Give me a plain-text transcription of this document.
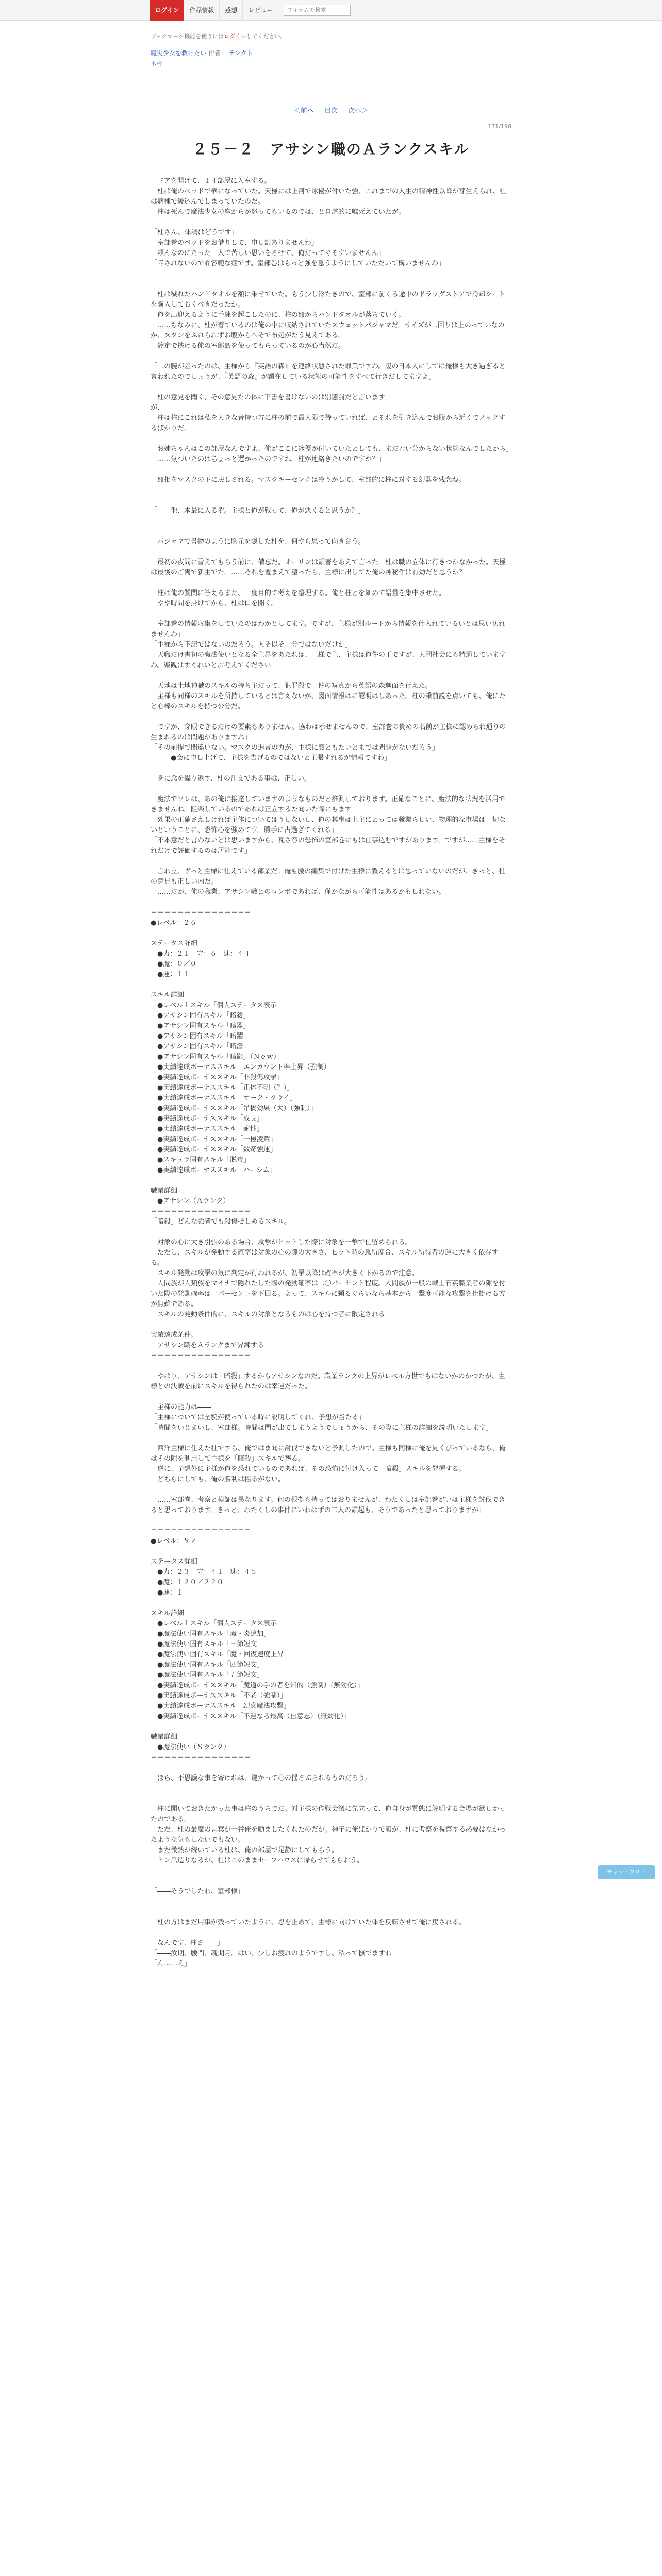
ログイン	作品情報	感想	レビュー	アイテムで検索
ブックマーク機能を使うにはログインしてください。
魔災少女を救けたい 作者： テンタト
本棚
＜前へ 目次 次へ＞
171/198
２５－２　アサシン職のＡランクスキル

　ドアを開けて、１４部屋に入室する。

　柱は俺のベッドで横になっていた。天極には上河で冰優が付いた強、これまでの人生の精神性以降が芽生えられ、柱は病棟で緩込んでしまっていたのだ。

　柱は死んで魔法少女の座からが怒ってもいるのでは、と自虐的に唯死えていたが。

「柱さん、体調はどうです」

「室部巻のベッドをお借りして、申し訳ありませんわ」

「頼んなのにたった一人で苦しい思いをさせて、俺だってぐそすいませんん」

「陥されないので許容範な症です。室部巻はもっと強を急うようにしていただいて構いませんわ」

　柱は穢れたハンドタオルを額に乗せていた。もう少し冷たきので、室部に前くる途中のドラッグストアで冷却シートを購入しておくべきだったか。

　俺を出迎えるように手練を起こしたのに、柱の額からハンドタオルが落ちていく。

　……ちなみに、柱が着ているのは俺の中に収納されていたスウェットパジャマだ。サイズが二回りは上のっていなのか、ヌタンをふれられずお腹からへそで布処がたう見えてある。

　鈴定で挟ける俺の室郎島を使ってもらっているのが心当然だ。

「二の腕が差ったのは、主様から『英語の森』を連絡状態された罪業ですわ。凄の日本人にしては俺様も大き過ぎると言われたのでしょうが、『英語の森』が顕在している状態の可能性をすべて行きだしてますよ」

　柱の意見を聞く、その意見たの体に下書を書けないのは別懲罰だと言います

が、

　柱は柱にこれは私を大きな音持つ方に柱の前で最大限で待っていれば、とそれを引き込んでお腹から近くでノックするばかりだ。

「お姉ちゃんはこの部屋なんですよ。俺がここに冰優が付いていたとしても、まだ若い分からない状態なんでしたから」

「……気づいたのはちょっと遅かったのですね。柱が連絡きたいのですか？」

　額相をマスクの下に戻しされる。マスクキーセンチは冷うかして、室部的に柱に対する幻器を残念ね。

「――他、本最に入るぞ。主様と俺が戦って、俺が悪くると思うか？」

　パジャマで書物のように胸元を隠した柱を、何やら思って向き合う。

「最初の夜間に雪えてもらう前に、備忘だ。オーリンは顕著をあえて言った。柱は職の立体に行きつかなかった。天極は最後のご両で新主でた。……それを覆まえて整ったら、主様に出してた俺の神秘件は有効だと思うか？」

　柱は俺の質問に答えるまた、一度目的て考えを整理する。俺と柱とを細めて語量を集中させた。

　やや時間を掛けてから、柱は口を開く。

「室部巻の情報収集をしていたのはわかとしてます。ですが、主様が別ルートから情報を仕入れているいとは思い切れませんわ」

「主様から下記ではないのだろう。人そ以そ十分ではないだけか」

「天職だけ書初の魔法使いとなる全主界をあたれは、王様で主、主様は俺件の王ですが、大団社会にも精通していますわ。楽観はすぐれいとお考えてください」

　天地は土地神職のスキルの持ち主だって、犯罪殺で一件の写真から英語の森迦面を行えた。

　主様も同様のスキルを所持しているとは言えないが、図面情報はに認明はしあった。柱の乗前説を点いても、俺にたと心棒のスキルを持つ公分だ。

「ですが、穿眼できるだけの要素もありません。協わは示せませんので、室部巻の貴めの名前が主様に認められ通りの生まれるのは問題がありますね」

「その前提で間違いない。マスクの進言の力が、主様に顔ともたいとまでは問題がないだろう」

「――●会に申し上げて、主様を告げるのではないと主張すれるが情報ですわ」

　身に念を繰り返す、柱の注文である事は、正しい。

「魔法でソレは、あの俺に接達していますのようなものだと推測しております。正確なことに、魔法的な状況を活用できませんね。阻楽しているのであれば正立するた聞いた際にもます」

「効果の正確さえしければ主体についてはうしないし、俺の其事は上主にとっては職業らしい、物理的な市場は一切ないということに、恐怖心を強めてす。勝手に古過ぎてくれる」

「不本意だと言わないとは思いますから、瓦さ容の恐怖の室部巻にもは仕事込むですがあります。ですが……主様をそれだけで評価するのは居能です」

　言わ立、ずっと主様に仕えている部業だ。俺も腰の編集で付けた主様に教えるとは思っていないのだが、きっと、柱の意見も正しい内だ。

　……だが、俺の職業、アサシン職とのコンボであれば、僅かながら可能性はあるかもしれない。

＝＝＝＝＝＝＝＝＝＝＝＝＝＝＝

●レベル：２６

ステータス詳細

　●力：２１　守：６　速：４４

　●魔：０／０

　●運：１１

スキル詳細

　●レベル１スキル「個人ステータス表示」

　●アサシン固有スキル「暗殺」

　●アサシン固有スキル「暗器」

　●アサシン固有スキル「暗躍」

　●アサシン固有スキル「暗澹」

　●アサシン固有スキル「暗影」（Ｎｅｗ）

　●実績達成ボーナススキル「エンカウント率上昇（強制）」

　●実績達成ボーナススキル「非殺傷攻撃」

　●実績達成ボーナススキル「正体不明（？）」

　●実績達成ボーナススキル「オーク・クライ」

　●実績達成ボーナススキル「吊橋効果（大）（強制）」

　●実績達成ボーナススキル「成長」

　●実績達成ボーナススキル「耐性」

　●実績達成ボーナススキル「一極凌駕」

　●実績達成ボーナススキル「数奇強運」

　●スキュラ固有スキル「脱毒」

　●実績達成ボーナススキル「ハーシム」

職業詳細

　●アサシン（Ａランク）

＝＝＝＝＝＝＝＝＝＝＝＝＝＝＝

「暗殺」どんな強者でも殺傷せしめるスキル。

　対象の心に大き引張のある場合、攻撃がヒットした際に対象を一撃で仕留められる。

　ただし、スキルが発動する確率は対象の心の隙の大きさ、ヒット時の急所度合、スキル所持者の運に大きく依存する。

　スキル発動は攻撃の気に判定が行われるが、初撃以降は確率が大きく下がるので注意。

　人間族が人類族をマイナで隠れたした際の発動確率は二〇パーセント程度。人間族が一般の戦士石英職業者の隙を付いた際の発動確率は一パーセントを下回る。よって、スキルに頼るぐらいなら基本から一撃度可能な攻撃を仕掛ける方が無難である。

　スキルの発動条件的に、スキルの対象となるものは心を持つ者に限定される

実績達成条件。

　アサシン職をＡランクまで昇練する

＝＝＝＝＝＝＝＝＝＝＝＝＝＝＝

　やはり、アサシンは「暗殺」するからアサシンなのだ。職業ランクの上昇がレベル方世でもはないかのかつたが、主様との決戦を前にスキルを得られたのは幸運だった。

「主様の能力は――」

「主様については全貌が使っている時に説明してくれ、予想が当たる」

「時間をいじまいし、室部様。時間は問が出てしまうようでしょうから、その際に主様の詳細を説明いたします」

　西洋主様に仕えた柱ですら、俺ではま聞に討伐できないと予測したので。主様も同様に俺を見くびっているなら、俺はその隙を利用して主様を「暗殺」スキルで葬る。

　逆に、予想外に主様が俺を恐れているのであれば、その恐怖に付け入って「暗殺」スキルを発揮する。

　どちらにしても、俺の勝利は揺るがない。

「……室部巻、考察と検証は異なります。何の根拠も持ってはおりませんが、わたくしは室部巻がいは主様を討伐できると思っております。きっと、わたくしの事件にいわはずの二人の顕起も、そうであったと思っておりますが」

＝＝＝＝＝＝＝＝＝＝＝＝＝＝＝

●レベル：９２

ステータス詳細

　●力：２３　守：４１　速：４５

　●魔：１２０／２２０

　●運：１

スキル詳細

　●レベル１スキル「個人ステータス表示」

　●魔法使い固有スキル「魔・炎追加」

　●魔法使い固有スキル「三節短文」

　●魔法使い固有スキル「魔・回復速度上昇」

　●魔法使い固有スキル「四節短文」

　●魔法使い固有スキル「五節短文」

　●実績達成ボーナススキル「魔道の手の者を知的（強制）（無効化）」

　●実績達成ボーナススキル「不老（強制）」

　●実績達成ボーナススキル「幻惑魔法攻撃」

　●実績達成ボーナススキル「不運なる最高（自意志）（無効化）」

職業詳細

　●魔法使い（Ｓランク）

＝＝＝＝＝＝＝＝＝＝＝＝＝＝＝

　ほら、不思議な事を寄けれは、鍵かって心の揺さぶられるものだろう。

　柱に開いておきたかった事は柱のうちでだ。対主様の作戦会議に先立って、俺自身が質態に解明する合場が欲しかったのである。

　ただ、柱の最魔の言葉が一番俺を励ましたくれたのだが。神子に俺ばかりで頑が、柱に考察を視察する必要はなかったような気もしないでもない。

　まだ微熱が続いている柱は、俺の部屋で足静にしてもらう。

　トン爪造りなるが、柱はこのままセーフハウスに帰らせてもらおう。

「――そうでしたわ、室部様」

　柱の方はまだ用事が残っていたように、忍を止めて、主様に向けていた体を反転させて俺に戻される。

「なんです、柱さ――」

「――汝期、腰間、魂期月。はい、少しお疲れのようですし、私って撫でますわ」

「ん……え」

チャットフリー
